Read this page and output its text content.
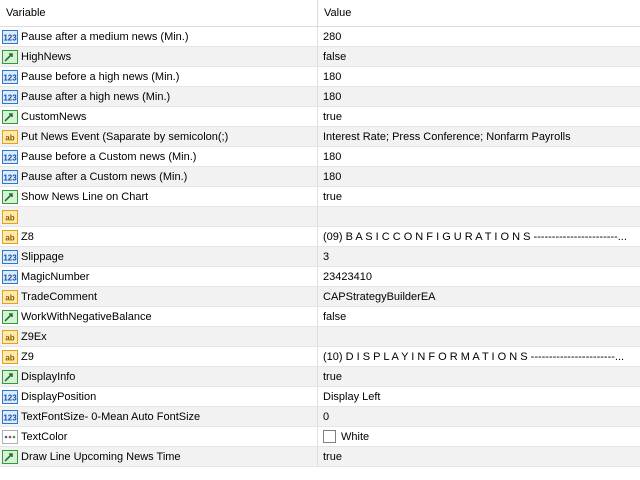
Variable	Value
123 Pause after a medium news (Min.)	280
HighNews	false
123 Pause before a high news (Min.)	180
123 Pause after a high news (Min.)	180
CustomNews	true
ab Put News Event (Saparate by semicolon(;)	Interest Rate; Press Conference; Nonfarm Payrolls
123 Pause before a Custom news (Min.)	180
123 Pause after a Custom news (Min.)	180
Show News Line on Chart	true
ab
ab Z8	(09) B A S I C C O N F I G U R A T I O N S -----------------------...
123 Slippage	3
123 MagicNumber	23423410
ab TradeComment	CAPStrategyBuilderEA
WorkWithNegativeBalance	false
ab Z9Ex
ab Z9	(10) D I S P L A Y I N F O R M A T I O N S -----------------------...
DisplayInfo	true
123 DisplayPosition	Display Left
123 TextFontSize- 0-Mean Auto FontSize	0
TextColor	White
Draw Line Upcoming News Time	true
